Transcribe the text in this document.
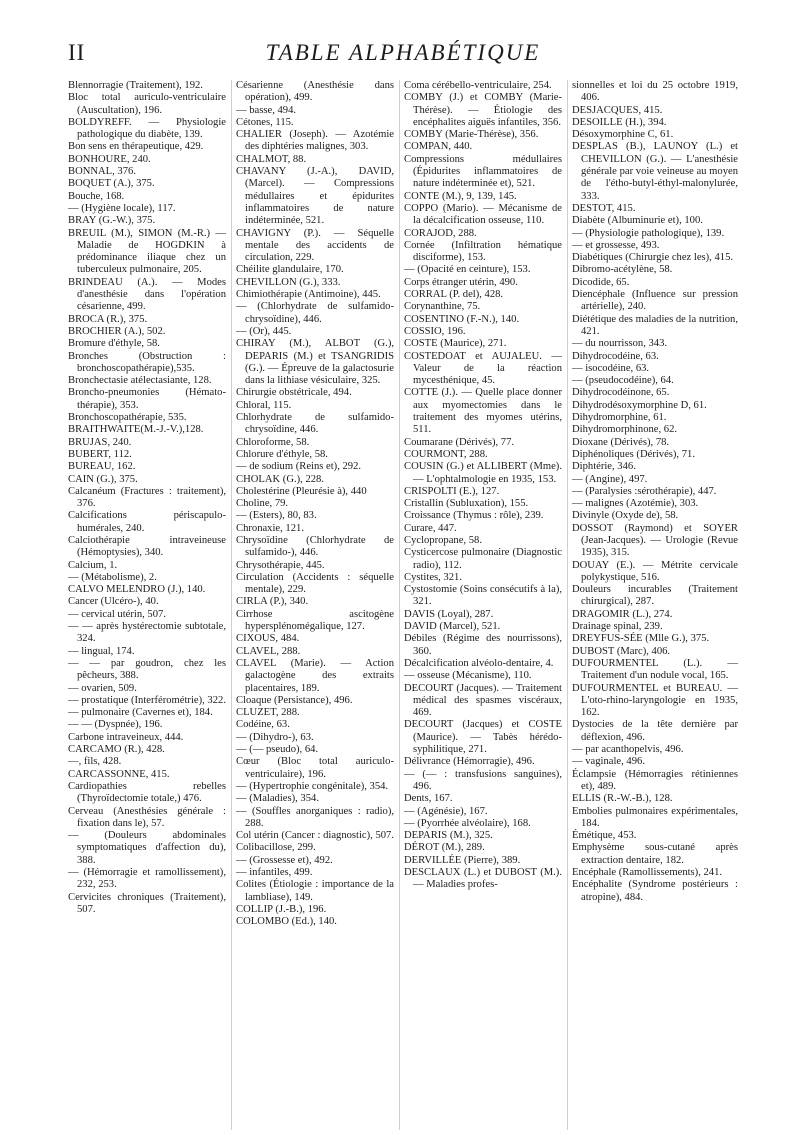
II	TABLE ALPHABÉTIQUE

Blennorragie (Traitement), 192.

Bloc total auriculo-ventriculaire (Auscultation), 196.

BOLDYREFF. — Physiologie pathologique du diabète, 139.

Bon sens en thérapeutique, 429.

BONHOURE, 240.

BONNAL, 376.

BOQUET (A.), 375.

Bouche, 168.

— (Hygiène locale), 117.

BRAY (G.-W.), 375.

BREUIL (M.), SIMON (M.-R.) — Maladie de HOGDKIN à prédominance iliaque chez un tuberculeux pulmonaire, 205.

BRINDEAU (A.). — Modes d'anesthésie dans l'opération césarienne, 499.

BROCA (R.), 375.

BROCHIER (A.), 502.

Bromure d'éthyle, 58.

Bronches (Obstruction : bronchoscopathérapie),535.

Bronchectasie atélectasiante, 128.

Broncho-pneumonies (Hématothérapie), 353.

Bronchoscopathérapie, 535.

BRAITHWAITE(M.-J.-V.),128.

BRUJAS, 240.

BUBERT, 112.

BUREAU, 162.

CAIN (G.), 375.

Calcanéum (Fractures : traitement), 376.

Calcifications périscapulo-humérales, 240.

Calciothérapie intraveineuse (Hémoptysies), 340.

Calcium, 1.

— (Métabolisme), 2.

CALVO MELENDRO (J.), 140.

Cancer (Ulcéro-), 40.

— cervical utérin, 507.

— — après hystérectomie subtotale, 324.

— lingual, 174.

— — par goudron, chez les pêcheurs, 388.

— ovarien, 509.

— prostatique (Interférométrie), 322.

— pulmonaire (Cavernes et), 184.

— — (Dyspnée), 196.

Carbone intraveineux, 444.

CARCAMO (R.), 428.

—, fils, 428.

CARCASSONNE, 415.

Cardiopathies rebelles (Thyroïdectomie totale,) 476.

Cerveau (Anesthésies générale : fixation dans le), 57.

— (Douleurs abdominales symptomatiques d'affection du), 388.

— (Hémorragie et ramollissement), 232, 253.

Cervicites chroniques (Traitement), 507.

Césarienne (Anesthésie dans opération), 499.

— basse, 494.

Cétones, 115.

CHALIER (Joseph). — Azotémie des diphtéries malignes, 303.

CHALMOT, 88.

CHAVANY (J.-A.), DAVID, (Marcel). — Compressions médullaires et épidurites inflammatoires de nature indéterminée, 521.

CHAVIGNY (P.). — Séquelle mentale des accidents de circulation, 229.

Chéilite glandulaire, 170.

CHEVILLON (G.), 333.

Chimiothérapie (Antimoine), 445.

— (Chlorhydrate de sulfamido-chrysoïdine), 446.

— (Or), 445.

CHIRAY (M.), ALBOT (G.), DEPARIS (M.) et TSANGRIDIS (G.). — Épreuve de la galactosurie dans la lithiase vésiculaire, 325.

Chirurgie obstétricale, 494.

Chloral, 115.

Chlorhydrate de sulfamido-chrysoïdine, 446.

Chloroforme, 58.

Chlorure d'éthyle, 58.

— de sodium (Reins et), 292.

CHOLAK (G.), 228.

Cholestérine (Pleurésie à), 440

Choline, 79.

— (Esters), 80, 83.

Chronaxie, 121.

Chrysoïdine (Chlorhydrate de sulfamido-), 446.

Chrysothérapie, 445.

Circulation (Accidents : séquelle mentale), 229.

CIRLA (P.), 340.

Cirrhose ascitogène hypersplénomégalique, 127.

CIXOUS, 484.

CLAVEL, 288.

CLAVEL (Marie). — Action galactogène des extraits placentaires, 189.

Cloaque (Persistance), 496.

CLUZET, 288.

Codéine, 63.

— (Dihydro-), 63.

— (— pseudo), 64.

Cœur (Bloc total auriculo-ventriculaire), 196.

— (Hypertrophie congénitale), 354.

— (Maladies), 354.

— (Souffles anorganiques : radio), 288.

Col utérin (Cancer : diagnostic), 507.

Colibacillose, 299.

— (Grossesse et), 492.

— infantiles, 499.

Colites (Étiologie : importance de la lambliase), 149.

COLLIP (J.-B.), 196.

COLOMBO (Ed.), 140.

Coma cérébello-ventriculaire, 254.

COMBY (J.) et COMBY (Marie-Thérèse). — Étiologie des encéphalites aiguës infantiles, 356.

COMBY (Marie-Thérèse), 356.

COMPAN, 440.

Compressions médullaires (Épidurites inflammatoires de nature indéterminée et), 521.

CONTE (M.), 9, 139, 145.

COPPO (Mario). — Mécanisme de la décalcification osseuse, 110.

CORAJOD, 288.

Cornée (Infiltration hématique disciforme), 153.

— (Opacité en ceinture), 153.

Corps étranger utérin, 490.

CORRAL (P. del), 428.

Corynanthine, 75.

COSENTINO (F.-N.), 140.

COSSIO, 196.

COSTE (Maurice), 271.

COSTEDOAT et AUJALEU. — Valeur de la réaction mycesthénique, 45.

COTTE (J.). — Quelle place donner aux myomectomies dans le traitement des myomes utérins, 511.

Coumarane (Dérivés), 77.

COURMONT, 288.

COUSIN (G.) et ALLIBERT (Mme). — L'ophtalmologie en 1935, 153.

CRISPOLTI (E.), 127.

Cristallin (Subluxation), 155.

Croissance (Thymus : rôle), 239.

Curare, 447.

Cyclopropane, 58.

Cysticercose pulmonaire (Diagnostic radio), 112.

Cystites, 321.

Cystostomie (Soins consécutifs à la), 321.

DAVIS (Loyal), 287.

DAVID (Marcel), 521.

Débiles (Régime des nourrissons), 360.

Décalcification alvéolo-dentaire, 4.

— osseuse (Mécanisme), 110.

DECOURT (Jacques). — Traitement médical des spasmes viscéraux, 469.

DECOURT (Jacques) et COSTE (Maurice). — Tabès hérédo-syphilitique, 271.

Délivrance (Hémorragie), 496.

— (— : transfusions sanguines), 496.

Dents, 167.

— (Agénésie), 167.

— (Pyorrhée alvéolaire), 168.

DEPARIS (M.), 325.

DÉROT (M.), 289.

DERVILLÉE (Pierre), 389.

DESCLAUX (L.) et DUBOST (M.). — Maladies profes-

sionnelles et loi du 25 octobre 1919, 406.

DESJACQUES, 415.

DESOILLE (H.), 394.

Désoxymorphine C, 61.

DESPLAS (B.), LAUNOY (L.) et CHEVILLON (G.). — L'anesthésie générale par voie veineuse au moyen de l'étho-butyl-éthyl-malonylurée, 333.

DESTOT, 415.

Diabète (Albuminurie et), 100.

— (Physiologie pathologique), 139.

— et grossesse, 493.

Diabétiques (Chirurgie chez les), 415.

Dibromo-acétylène, 58.

Dicodide, 65.

Diencéphale (Influence sur pression artérielle), 240.

Diététique des maladies de la nutrition, 421.

— du nourrisson, 343.

Dihydrocodéine, 63.

— isocodéine, 63.

— (pseudocodéine), 64.

Dihydrocodéinone, 65.

Dihydrodésoxymorphine D, 61.

Dihydromorphine, 61.

Dihydromorphinone, 62.

Dioxane (Dérivés), 78.

Diphénoliques (Dérivés), 71.

Diphtérie, 346.

— (Angine), 497.

— (Paralysies :sérothérapie), 447.

— malignes (Azotémie), 303.

Divinyle (Oxyde de), 58.

DOSSOT (Raymond) et SOYER (Jean-Jacques). — Urologie (Revue 1935), 315.

DOUAY (E.). — Métrite cervicale polykystique, 516.

Douleurs incurables (Traitement chirurgical), 287.

DRAGOMIR (L.), 274.

Drainage spinal, 239.

DREYFUS-SÉE (Mlle G.), 375.

DUBOST (Marc), 406.

DUFOURMENTEL (L.). — Traitement d'un nodule vocal, 165.

DUFOURMENTEL et BUREAU. — L'oto-rhino-laryngologie en 1935, 162.

Dystocies de la tête dernière par déflexion, 496.

— par acanthopelvis, 496.

— vaginale, 496.

Éclampsie (Hémorragies rétiniennes et), 489.

ELLIS (R.-W.-B.), 128.

Embolies pulmonaires expérimentales, 184.

Émétique, 453.

Emphysème sous-cutané après extraction dentaire, 182.

Encéphale (Ramollissements), 241.

Encéphalite (Syndrome postérieurs : atropine), 484.
